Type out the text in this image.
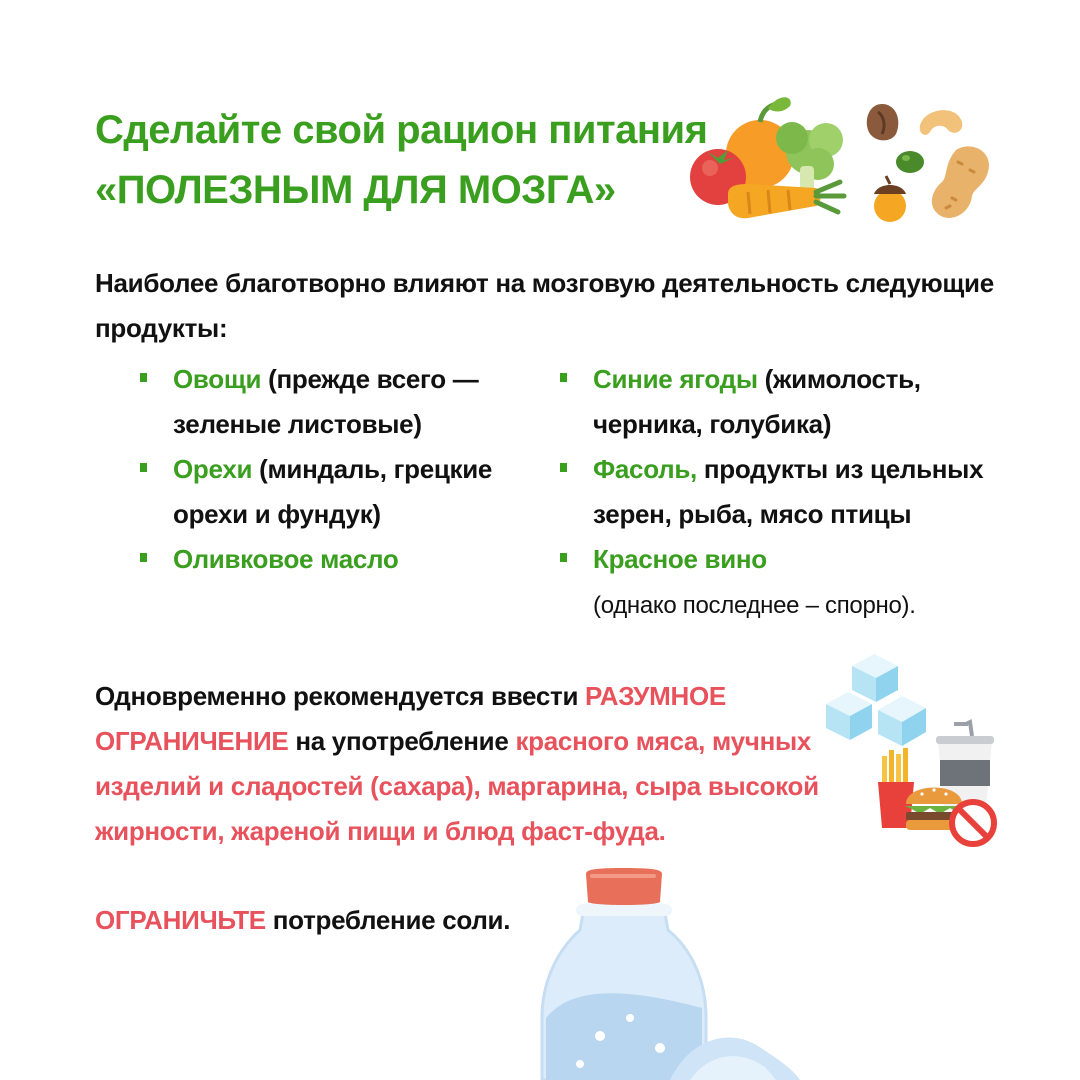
Сделайте свой рацион питания
«ПОЛЕЗНЫМ ДЛЯ МОЗГА»
Наиболее благотворно влияют на мозговую деятельность следующие продукты:
Овощи (прежде всего — зеленые листовые)
Орехи (миндаль, грецкие орехи и фундук)
Оливковое масло
Синие ягоды (жимолость, черника, голубика)
Фасоль, продукты из цельных зерен, рыба, мясо птицы
Красное вино
(однако последнее – спорно).
Одновременно рекомендуется ввести РАЗУМНОЕ ОГРАНИЧЕНИЕ на употребление красного мяса, мучных изделий и сладостей (сахара), маргарина, сыра высокой жирности, жареной пищи и блюд фаст-фуда.
ОГРАНИЧЬТЕ потребление соли.
